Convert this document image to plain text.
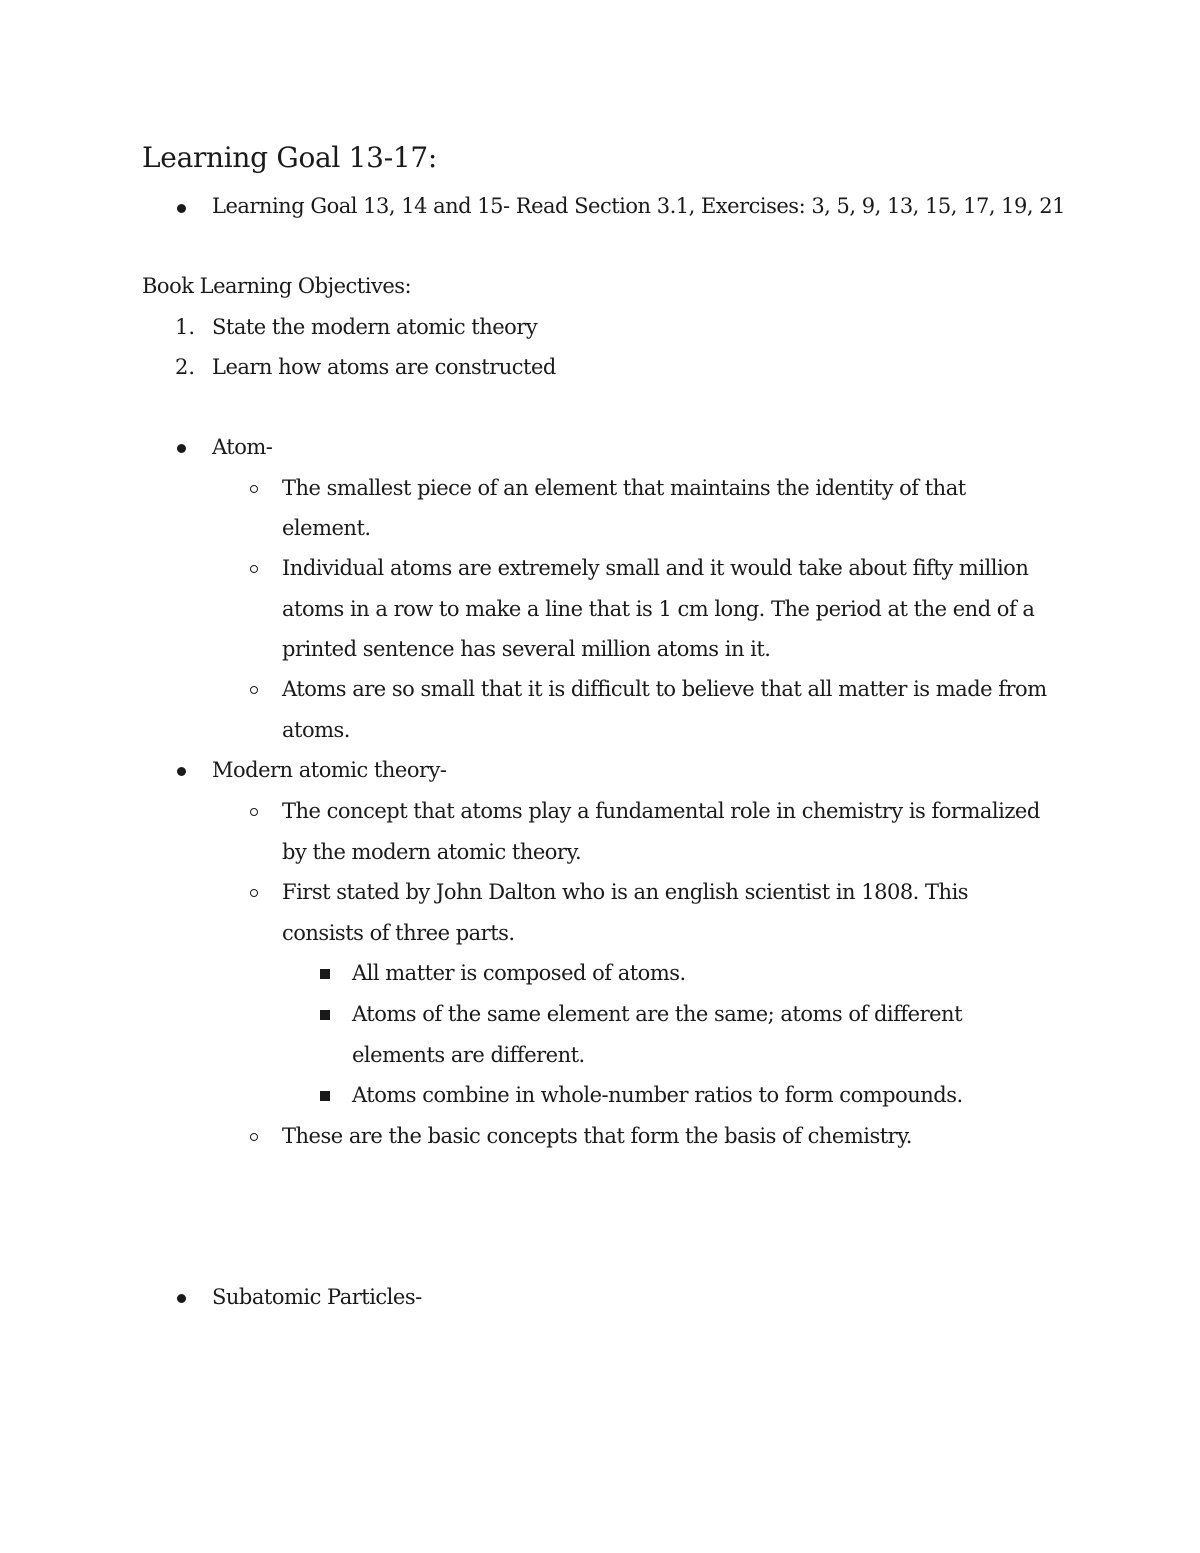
Learning Goal 13-17:
Learning Goal 13, 14 and 15- Read Section 3.1, Exercises: 3, 5, 9, 13, 15, 17, 19, 21
Book Learning Objectives:
1. State the modern atomic theory
2. Learn how atoms are constructed
Atom-
The smallest piece of an element that maintains the identity of that
element.
Individual atoms are extremely small and it would take about fifty million
atoms in a row to make a line that is 1 cm long. The period at the end of a
printed sentence has several million atoms in it.
Atoms are so small that it is difficult to believe that all matter is made from
atoms.
Modern atomic theory-
The concept that atoms play a fundamental role in chemistry is formalized
by the modern atomic theory.
First stated by John Dalton who is an english scientist in 1808. This
consists of three parts.
All matter is composed of atoms.
Atoms of the same element are the same; atoms of different
elements are different.
Atoms combine in whole-number ratios to form compounds.
These are the basic concepts that form the basis of chemistry.
Subatomic Particles-
